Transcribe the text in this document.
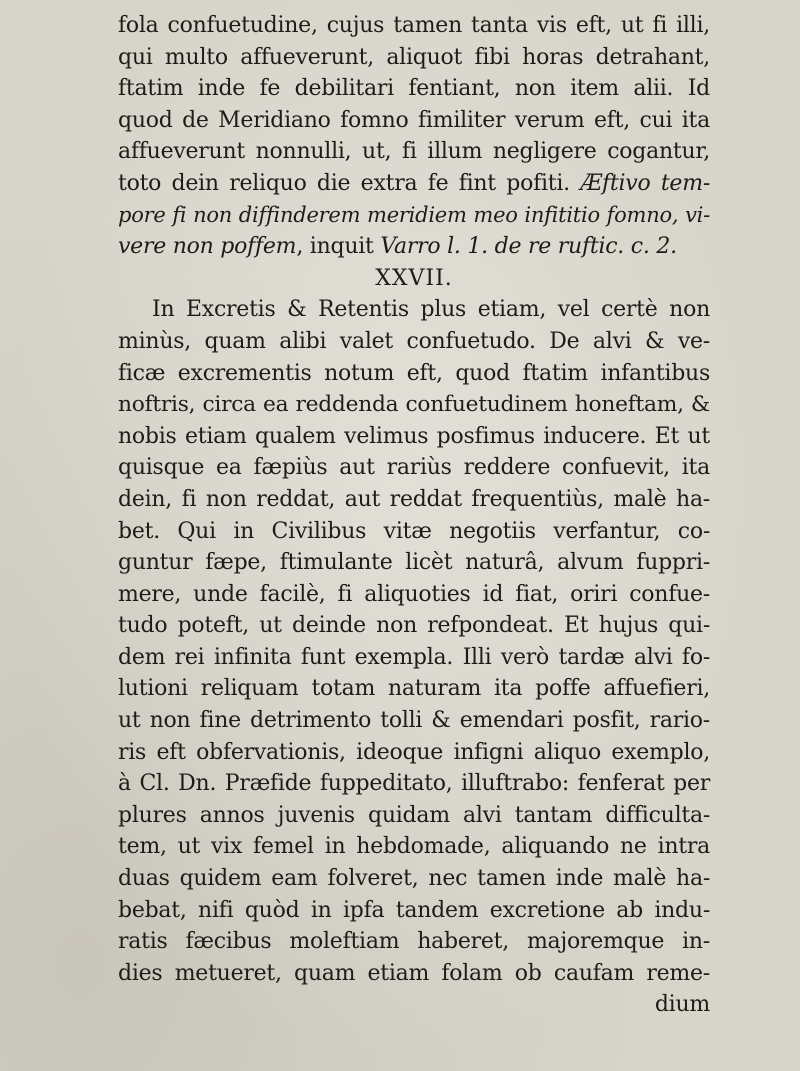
fola confuetudine, cujus tamen tanta vis eft, ut fi illi,
qui multo affueverunt, aliquot fibi horas detrahant,
ftatim inde fe debilitari fentiant, non item alii. Id
quod de Meridiano fomno fimiliter verum eft, cui ita
affueverunt nonnulli, ut, fi illum negligere cogantur,
toto dein reliquo die extra fe fint pofiti. Æftivo tem-
pore fi non diffinderem meridiem meo infititio fomno, vi-
vere non poffem, inquit Varro l. 1. de re ruftic. c. 2.
XXVII.
In Excretis & Retentis plus etiam, vel certè non
minùs, quam alibi valet confuetudo. De alvi & ve-
ficæ excrementis notum eft, quod ftatim infantibus
noftris, circa ea reddenda confuetudinem honeftam, &
nobis etiam qualem velimus posfimus inducere. Et ut
quisque ea fæpiùs aut rariùs reddere confuevit, ita
dein, fi non reddat, aut reddat frequentiùs, malè ha-
bet. Qui in Civilibus vitæ negotiis verfantur, co-
guntur fæpe, ftimulante licèt naturâ, alvum fuppri-
mere, unde facilè, fi aliquoties id fiat, oriri confue-
tudo poteft, ut deinde non refpondeat. Et hujus qui-
dem rei infinita funt exempla. Illi verò tardæ alvi fo-
lutioni reliquam totam naturam ita poffe affuefieri,
ut non fine detrimento tolli & emendari posfit, rario-
ris eft obfervationis, ideoque infigni aliquo exemplo,
à Cl. Dn. Præfide fuppeditato, illuftrabo: fenferat per
plures annos juvenis quidam alvi tantam difficulta-
tem, ut vix femel in hebdomade, aliquando ne intra
duas quidem eam folveret, nec tamen inde malè ha-
bebat, nifi quòd in ipfa tandem excretione ab indu-
ratis fæcibus moleftiam haberet, majoremque in-
dies metueret, quam etiam folam ob caufam reme-
dium
